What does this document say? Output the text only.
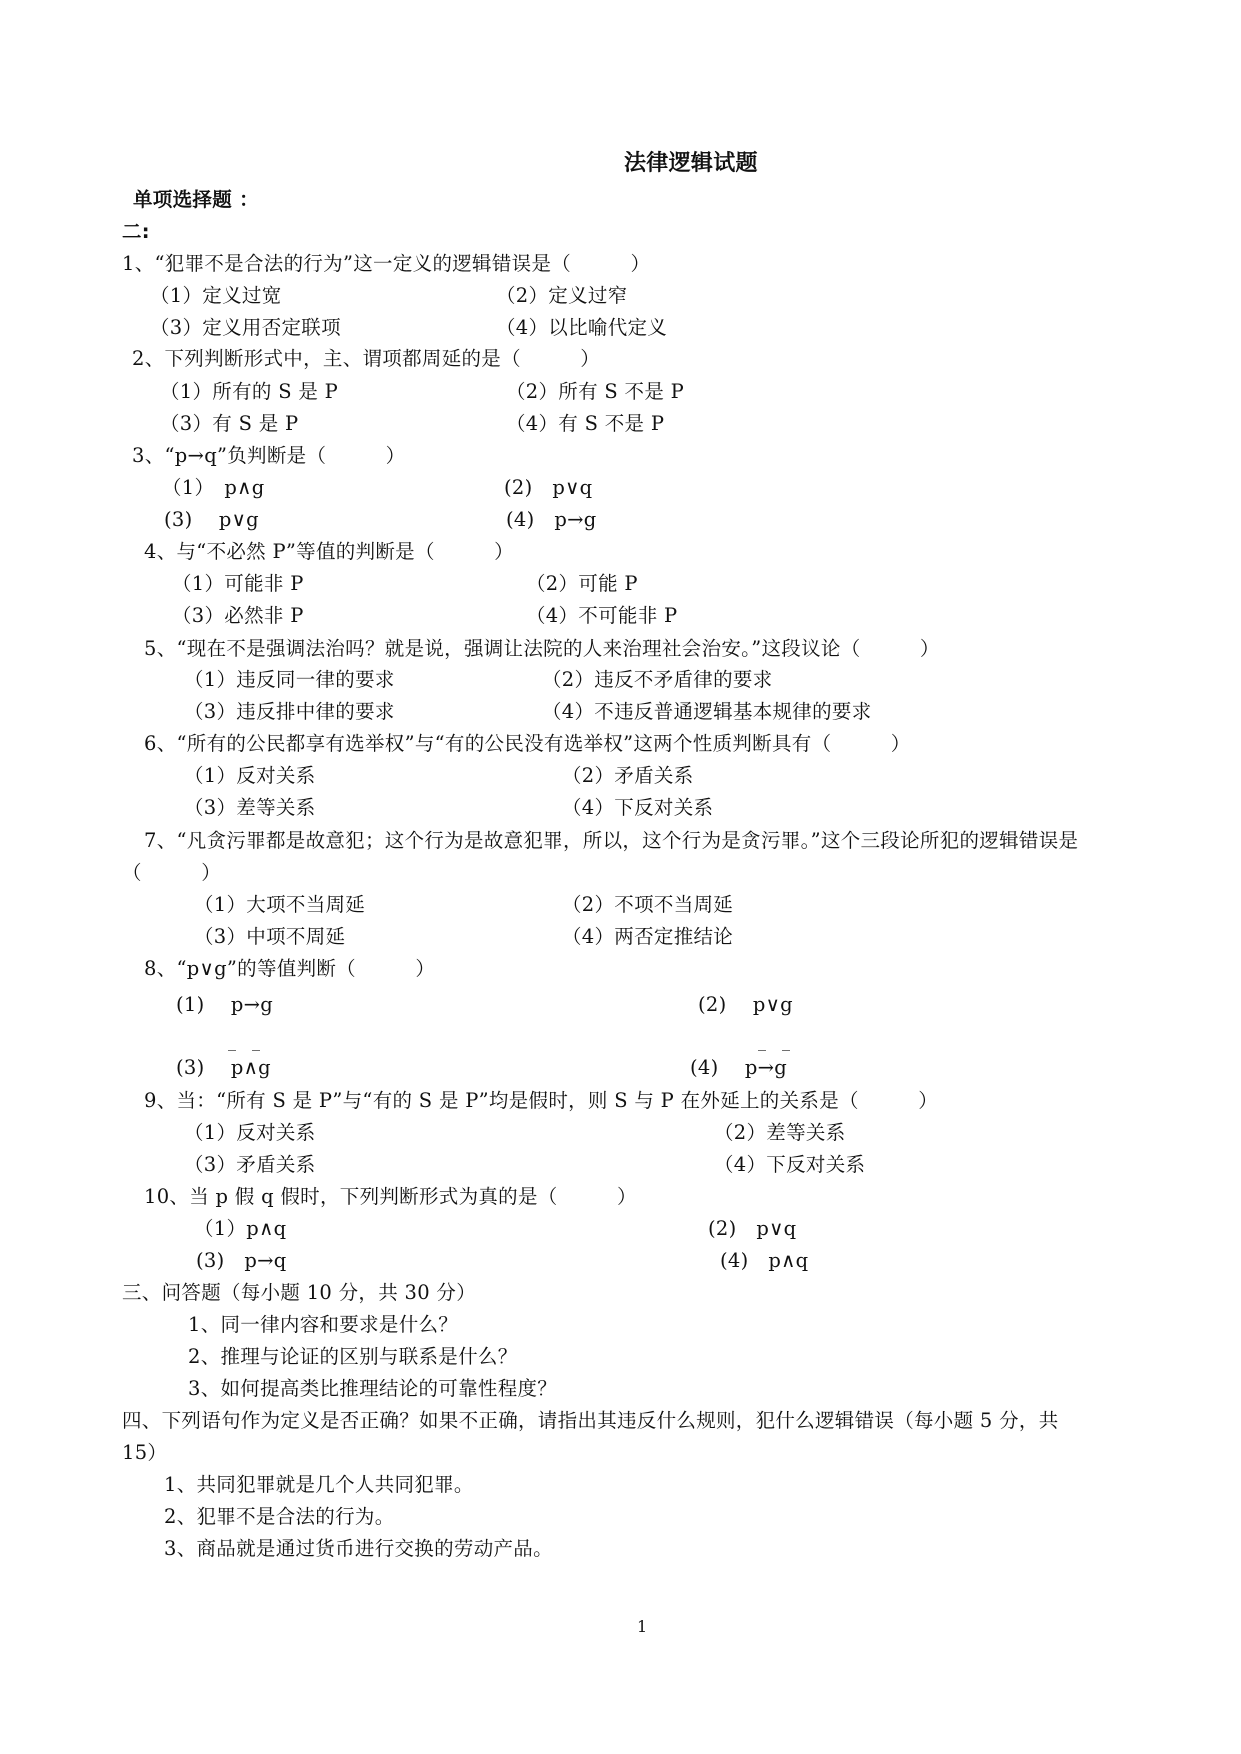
法律逻辑试题
单项选择题 ：
二:
1、“犯罪不是合法的行为”这一定义的逻辑错误是（　　　）
（1）定义过宽	（2）定义过窄
（3）定义用否定联项	（4）以比喻代定义
2、下列判断形式中，主、谓项都周延的是（　　　）
（1）所有的 S 是 P	（2）所有 S 不是 P
（3）有 S 是 P	（4）有 S 不是 P
3、“p→q”负判断是（　　　）
（1）　p∧g	(2)　p∨q
(3)　 p∨g	(4)　p→g
4、与“不必然 P”等值的判断是（　　　）
（1）可能非 P	（2）可能 P
（3）必然非 P	（4）不可能非 P
5、“现在不是强调法治吗？就是说，强调让法院的人来治理社会治安。”这段议论（　　　）
（1）违反同一律的要求	（2）违反不矛盾律的要求
（3）违反排中律的要求	（4）不违反普通逻辑基本规律的要求
6、“所有的公民都享有选举权”与“有的公民没有选举权”这两个性质判断具有（　　　）
（1）反对关系	（2）矛盾关系
（3）差等关系	（4）下反对关系
7、“凡贪污罪都是故意犯；这个行为是故意犯罪，所以，这个行为是贪污罪。”这个三段论所犯的逻辑错误是
（　　　）
（1）大项不当周延	（2）不项不当周延
（3）中项不周延	（4）两否定推结论
8、“p∨g”的等值判断（　　　）
(1)　 p→g	(2)　 p∨g
_　_	_　_
(3)　 p∧g	(4)　 p→g
9、当：“所有 S 是 P”与“有的 S 是 P”均是假时，则 S 与 P 在外延上的关系是（　　　）
（1）反对关系	（2）差等关系
（3）矛盾关系	（4）下反对关系
10、当 p 假 q 假时，下列判断形式为真的是（　　　）
（1）p∧q	(2)　p∨q
(3)　p→q	(4)　p∧q
三、问答题（每小题 10 分，共 30 分）
1、同一律内容和要求是什么？
2、推理与论证的区别与联系是什么？
3、如何提高类比推理结论的可靠性程度？
四、下列语句作为定义是否正确？如果不正确，请指出其违反什么规则，犯什么逻辑错误（每小题 5 分，共
15）
1、共同犯罪就是几个人共同犯罪。
2、犯罪不是合法的行为。
3、商品就是通过货币进行交换的劳动产品。
1
